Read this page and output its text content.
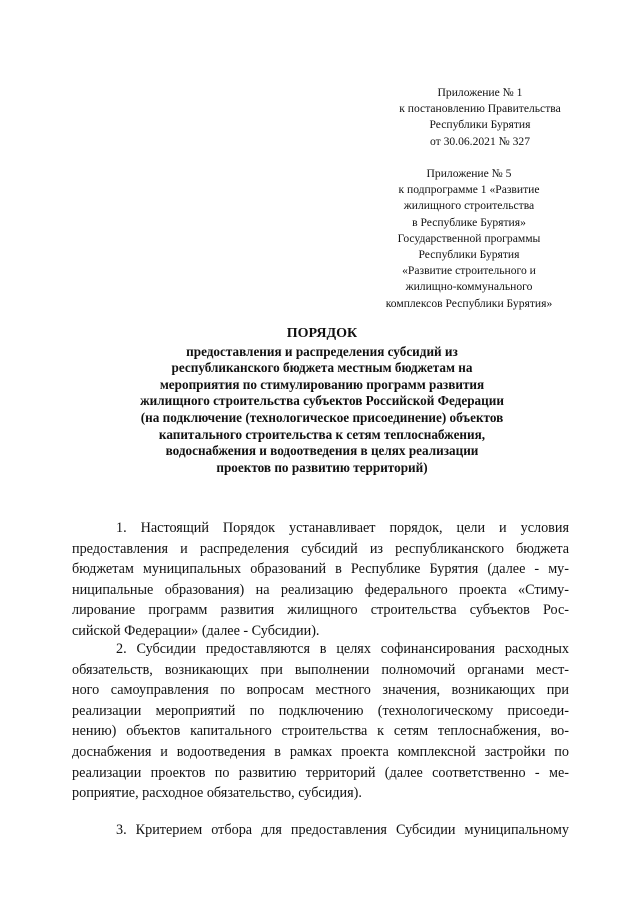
Приложение № 1
к постановлению Правительства
Республики Бурятия
от 30.06.2021 № 327
Приложение № 5
к подпрограмме 1 «Развитие
жилищного строительства
в Республике Бурятия»
Государственной программы
Республики Бурятия
«Развитие строительного и
жилищно-коммунального
комплексов Республики Бурятия»
ПОРЯДОК
предоставления и распределения субсидий из
республиканского бюджета местным бюджетам на
мероприятия по стимулированию программ развития
жилищного строительства субъектов Российской Федерации
(на подключение (технологическое присоединение) объектов
капитального строительства к сетям теплоснабжения,
водоснабжения и водоотведения в целях реализации
проектов по развитию территорий)
1. Настоящий Порядок устанавливает порядок, цели и условия
предоставления и распределения субсидий из республиканского бюджета
бюджетам муниципальных образований в Республике Бурятия (далее - му-
ниципальные образования) на реализацию федерального проекта «Стиму-
лирование программ развития жилищного строительства субъектов Рос-
сийской Федерации» (далее - Субсидии).
2. Субсидии предоставляются в целях софинансирования расходных
обязательств, возникающих при выполнении полномочий органами мест-
ного самоуправления по вопросам местного значения, возникающих при
реализации мероприятий по подключению (технологическому присоеди-
нению) объектов капитального строительства к сетям теплоснабжения, во-
доснабжения и водоотведения в рамках проекта комплексной застройки по
реализации проектов по развитию территорий (далее соответственно - ме-
роприятие, расходное обязательство, субсидия).
3. Критерием отбора для предоставления Субсидии муниципальному
